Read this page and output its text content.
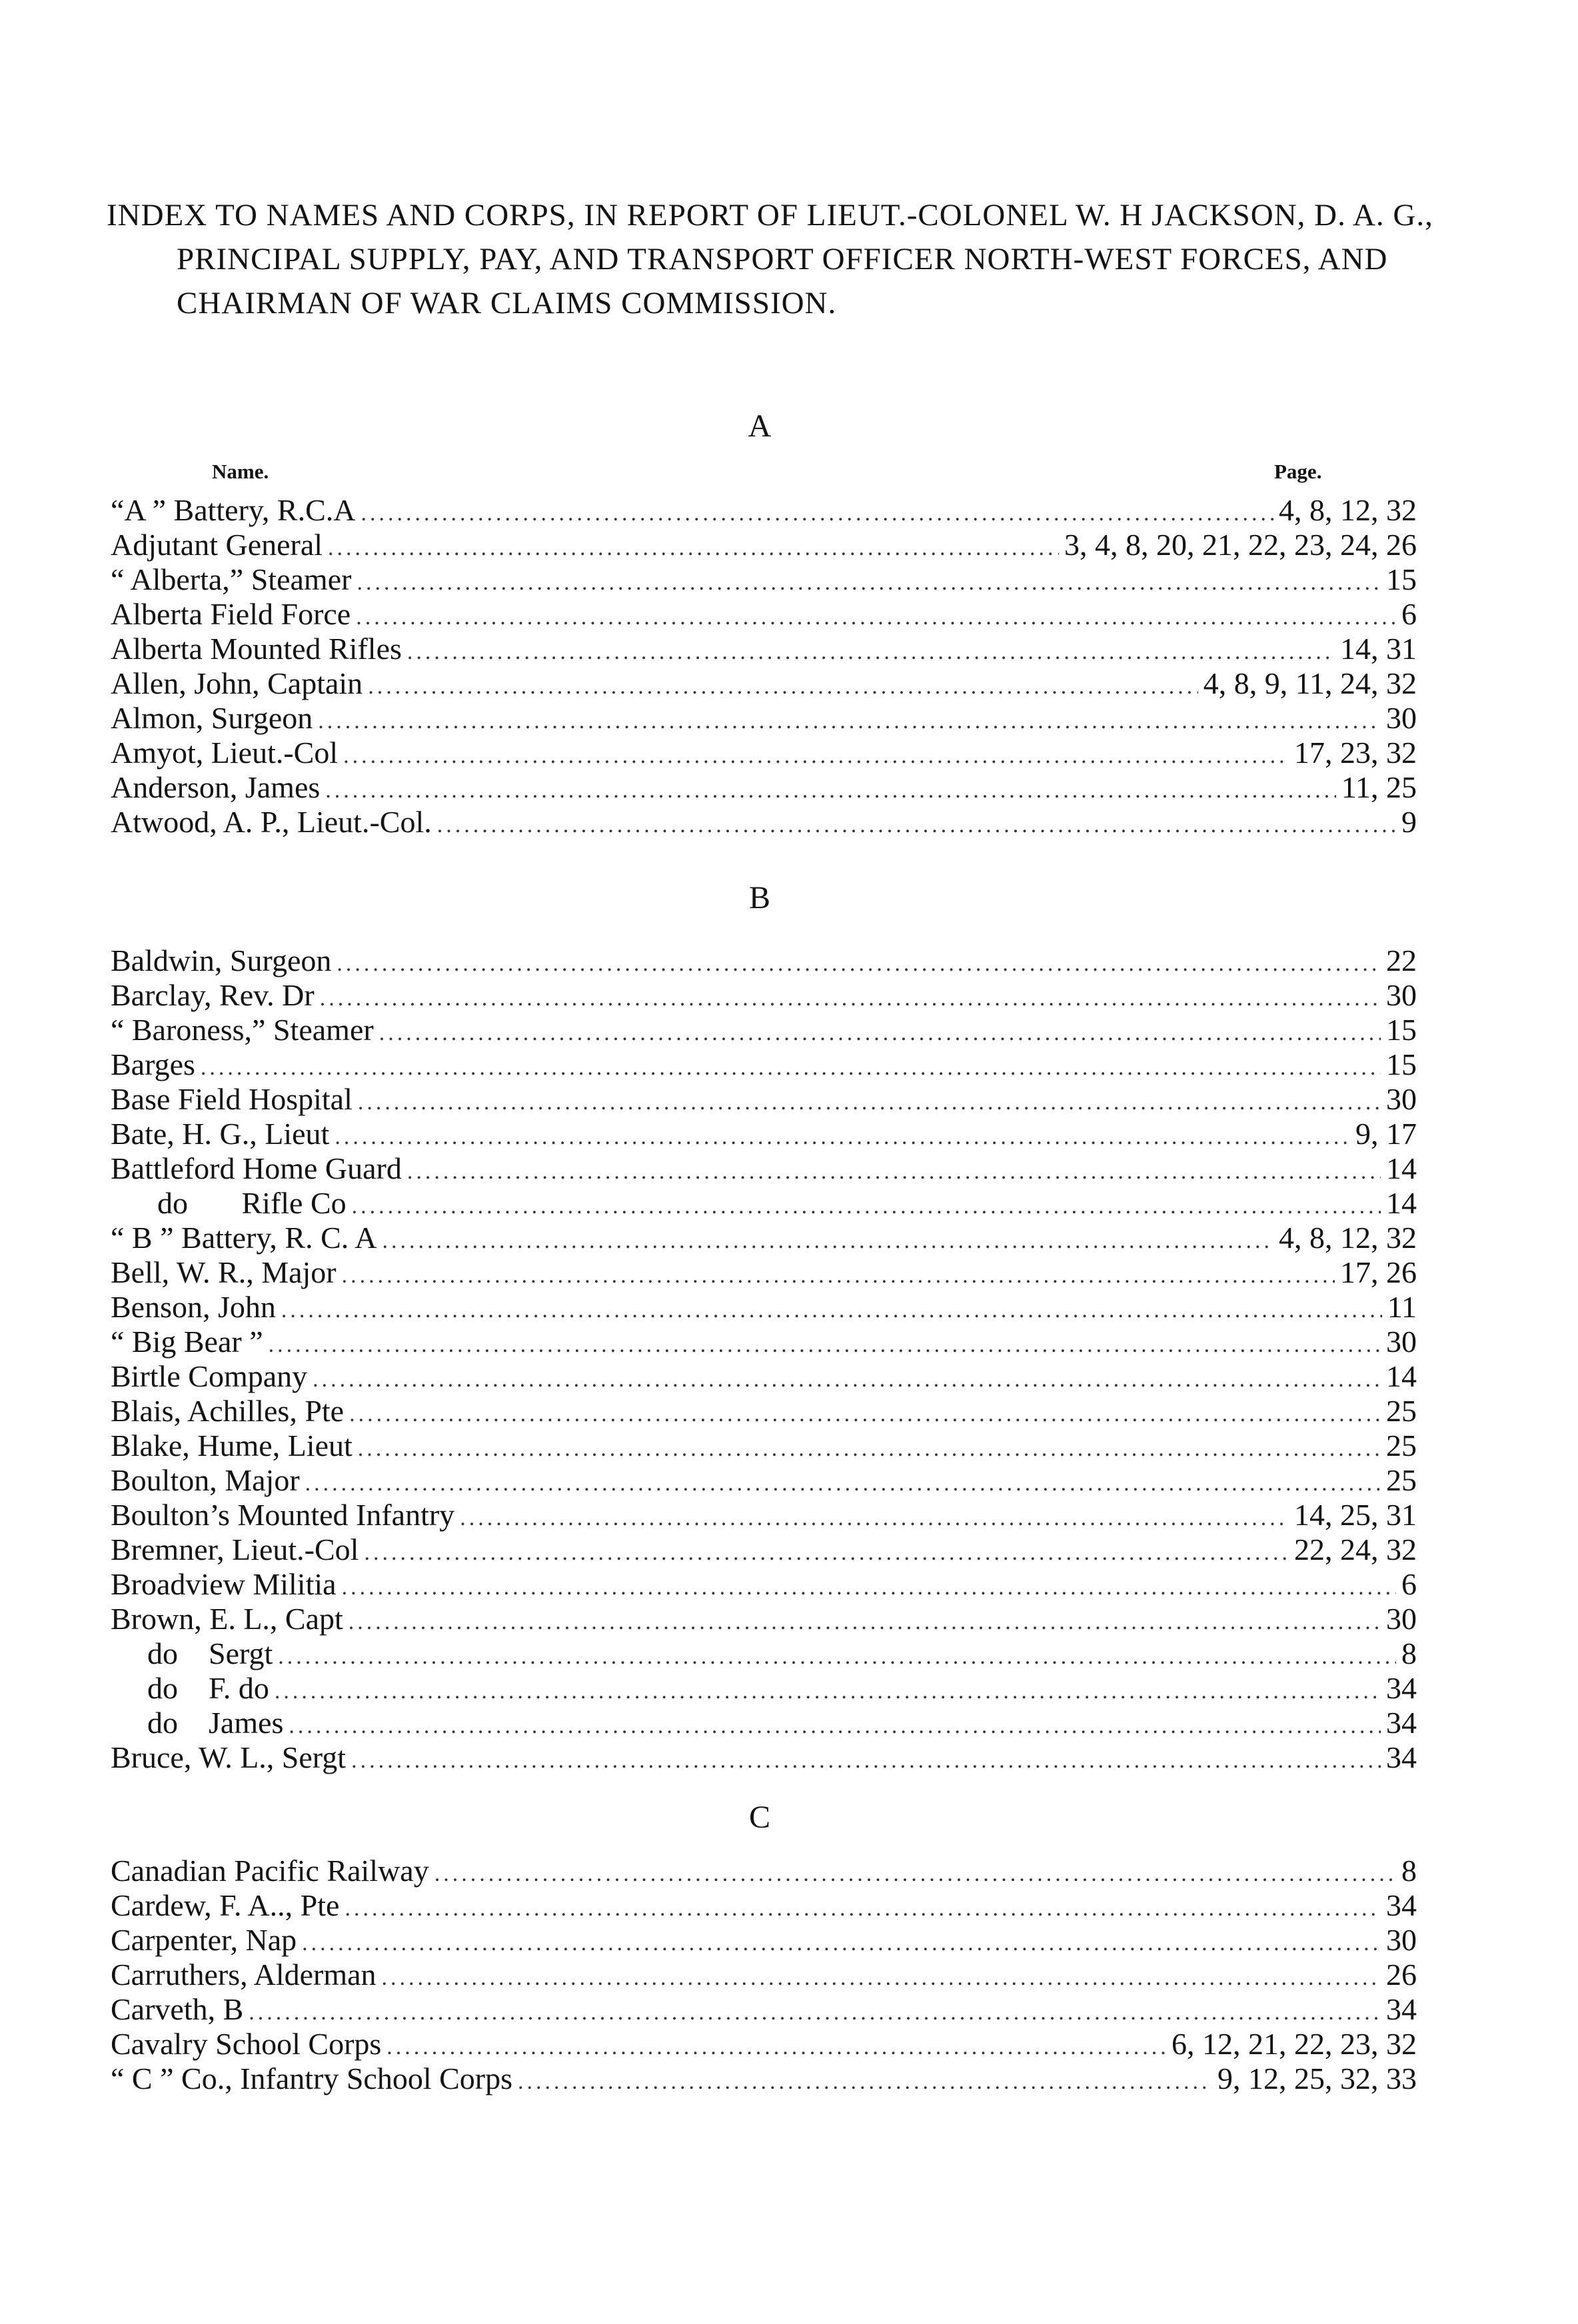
INDEX TO NAMES AND CORPS, IN REPORT OF LIEUT.-COLONEL W. H JACKSON, D. A. G., PRINCIPAL SUPPLY, PAY, AND TRANSPORT OFFICER NORTH-WEST FORCES, AND CHAIRMAN OF WAR CLAIMS COMMISSION.
A
Name.	Page.
“A ” Battery, R.C.A .....	4, 8, 12, 32
Adjutant General .....	3, 4, 8, 20, 21, 22, 23, 24, 26
“ Alberta,” Steamer .....	15
Alberta Field Force .....	6
Alberta Mounted Rifles .....	14, 31
Allen, John, Captain .....	4, 8, 9, 11, 24, 32
Almon, Surgeon .....	30
Amyot, Lieut.-Col .....	17, 23, 32
Anderson, James .....	11, 25
Atwood, A. P., Lieut.-Col. .....	9
B
Baldwin, Surgeon .....	22
Barclay, Rev. Dr .....	30
“ Baroness,” Steamer .....	15
Barges .....	15
Base Field Hospital .....	30
Bate, H. G., Lieut .....	9, 17
Battleford Home Guard .....	14
do       Rifle Co .....	14
“ B ” Battery, R. C. A .....	4, 8, 12, 32
Bell, W. R., Major .....	17, 26
Benson, John .....	11
“ Big Bear ” .....	30
Birtle Company .....	14
Blais, Achilles, Pte .....	25
Blake, Hume, Lieut .....	25
Boulton, Major .....	25
Boulton’s Mounted Infantry .....	14, 25, 31
Bremner, Lieut.-Col .....	22, 24, 32
Broadview Militia .....	6
Brown, E. L., Capt .....	30
do    Sergt .....	8
do    F. do .....	34
do    James .....	34
Bruce, W. L., Sergt .....	34
C
Canadian Pacific Railway .....	8
Cardew, F. A.., Pte .....	34
Carpenter, Nap .....	30
Carruthers, Alderman .....	26
Carveth, B .....	34
Cavalry School Corps .....	6, 12, 21, 22, 23, 32
“ C ” Co., Infantry School Corps .....	9, 12, 25, 32, 33
